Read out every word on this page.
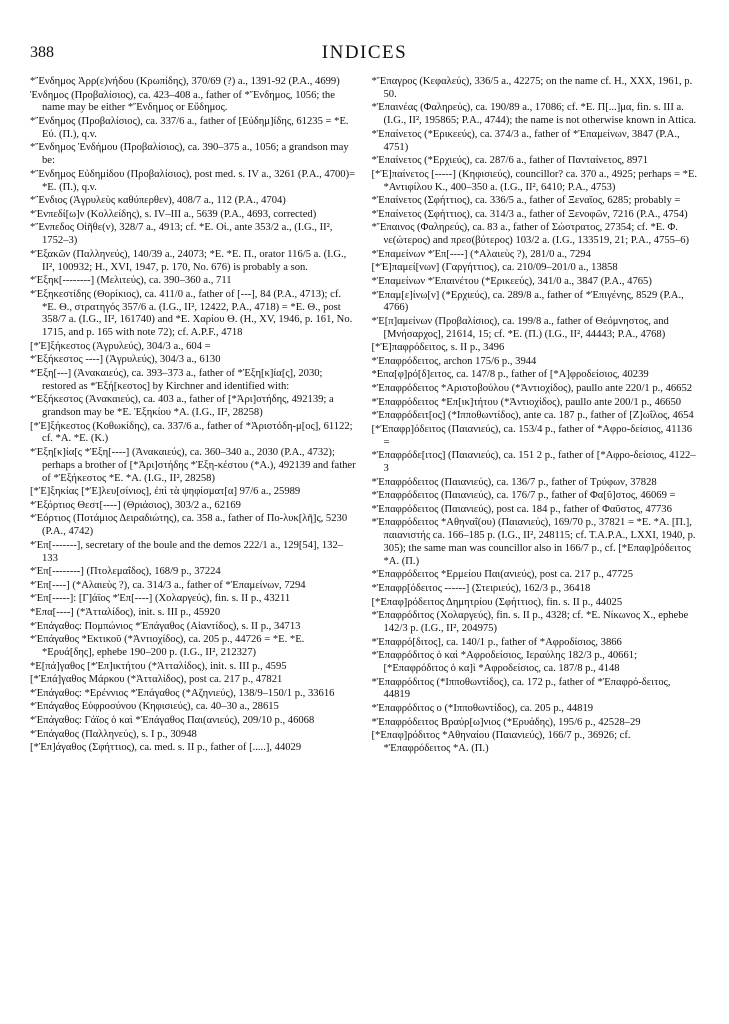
388	INDICES

*Ἔνδημος Ἀρρ(ε)νήδου (Κρωπίδης), 370/69 (?) a., 1391-92 (P.A., 4699)

Ἐνδημος (Προβαλίσιος), ca. 423–408 a., father of *Ἔνδημος, 1056; the name may be either *Ἔνδημος or Εὔδημος.

*Ἔνδημος (Προβαλίσιος), ca. 337/6 a., father of [Εὐδημ]ίδης, 61235 = *Ε. Εὐ. (Π.), q.v.

*Ἔνδημος Ἐνδήμου (Προβαλίσιος), ca. 390–375 a., 1056; a grandson may be:

*Ἔνδημος Εὐδημίδου (Προβαλίσιος), post med. s. IV a., 3261 (P.A., 4700)= *Ε. (Π.), q.v.

*Ἔνδιος (Ἀγρυλεὺς καθύπερθεν), 408/7 a., 112 (P.A., 4704)

*Ἐνπεδί[ω]ν (Κολλείδης), s. IV–III a., 5639 (P.A., 4693, corrected)

*Ἔνπεδος Οἰῆθε(ν), 328/7 a., 4913; cf. *Ε. Οἰ., ante 353/2 a., (I.G., II², 1752–3)

*Ἐξακῶν (Παλληνεύς), 140/39 a., 24073; *Ε. *Ε. Π., orator 116/5 a. (I.G., II², 100932; H., XVI, 1947, p. 170, No. 676) is probably a son.

*Ἐξηκ[--------] (Μελιτεύς), ca. 390–360 a., 711

*Ἐξηκεστίδης (Θορίκιος), ca. 411/0 a., father of [---], 84 (P.A., 4713); cf. *Ε. Θ., στρατηγός 357/6 a. (I.G., II², 12422, P.A., 4718) = *Ε. Θ., post 358/7 a. (I.G., II², 161740) and *Ε. Χαρίου Θ. (H., XV, 1946, p. 161, No. 1715, and p. 165 with note 72); cf. A.P.F., 4718

[*Ἐ]ξήκεστος (Ἀγρυλεύς), 304/3 a., 604 =

*Ἐξήκεστος ----] (Ἀγρυλεύς), 304/3 a., 6130

*Ἐξη[---] (Ἀνακαιεύς), ca. 393–373 a., father of *Ἐξη[κ]ία[ς], 2030; restored as *Ἐξή[κεστος] by Kirchner and identified with:

*Ἐξήκεστος (Ἀνακαιεύς), ca. 403 a., father of [*Ἀρι]στήδης, 492139; a grandson may be *Ε. Ἐξηκίου *Α. (I.G., II², 28258)

[*Ἐ]ξήκεστος (Κοθωκίδης), ca. 337/6 a., father of *Ἀριστόδη-μ[ος], 61122; cf. *Α. *Ε. (Κ.)

*Ἐξη[κ]ία[ς *Ἐξη[----] (Ἀνακαιεύς), ca. 360–340 a., 2030 (P.A., 4732); perhaps a brother of [*Ἀρι]στήδης *Ἐξη-κέστου (*Α.), 492139 and father of *Ἐξήκεστος *Ε. *Α. (I.G., II², 28258)

[*Ἐ]ξηκίας [*Ἐ]λευ[σίνιος], ἐπὶ τὰ ψηφίσματ[α] 97/6 a., 25989

*Ἐξόρτιος Θεστ[----] (Θριάσιος), 303/2 a., 62169

*Ἑόρτιος (Ποτάμιος Δειραδιώτης), ca. 358 a., father of Πο-λυκ[λῆ]ς, 5230 (P.A., 4742)

*Ἐπ[-------], secretary of the boule and the demos 222/1 a., 129[54], 132–133

*Ἐπ[--------] (Πτολεμαΐδος), 168/9 p., 37224

*Ἐπ[----] (*Αλαιεὺς ?), ca. 314/3 a., father of *Ἐπαμείνων, 7294

*Ἐπ[-----]: [Γ]άϊος *Ἐπ[----] (Χολαργεύς), fin. s. II p., 43211

*Επα[----] (*Ἀτταλίδος), init. s. III p., 45920

*Ἐπάγαθος: Πομπώνιος *Ἐπάγαθος (Αἰαντίδος), s. II p., 34713

*Ἐπάγαθος *Εκτικοῦ (*Ἀντιοχίδος), ca. 205 p., 44726 = *Ε. *Ε. *Ερυά[δης], ephebe 190–200 p. (I.G., II², 212327)

*Ε[πά]γαθος [*Ἐπ]ικτήτου (*Ἀτταλίδος), init. s. III p., 4595

[*Ἐπά]γαθος Μάρκου (*Ἀτταλίδος), post ca. 217 p., 47821

*Ἐπάγαθος: *Ερέννιος *Ἐπάγαθος (*Αζηνιεύς), 138/9–150/1 p., 33616

*Ἐπάγαθος Εὐφροσύνου (Κηφισιεύς), ca. 40–30 a., 28615

*Ἐπάγαθος: Γάϊος ὁ καὶ *Ἐπάγαθος Παι(ανιεύς), 209/10 p., 46068

*Ἐπάγαθος (Παλληνεύς), s. I p., 30948

[*Ἐπ]άγαθος (Σφήττιος), ca. med. s. II p., father of [.....], 44029

*Ἔπαγρος (Κεφαλεύς), 336/5 a., 42275; on the name cf. H., XXX, 1961, p. 50.

*Ἐπαινέας (Φαληρεύς), ca. 190/89 a., 17086; cf. *Ε. Π[...]μα, fin. s. III a. (I.G., II², 195865; P.A., 4744); the name is not otherwise known in Attica.

*Ἐπαίνετος (*Ερικεεύς), ca. 374/3 a., father of *Ἐπαμείνων, 3847 (P.A., 4751)

*Ἐπαίνετος (*Ερχιεύς), ca. 287/6 a., father of Πανταίνετος, 8971

[*Ἐ]παίνετος [-----] (Κηφισιεύς), councillor? ca. 370 a., 4925; perhaps = *Ε. *Αντιφίλου Κ., 400–350 a. (I.G., II², 6410; P.A., 4753)

*Ἐπαίνετος (Σφήττιος), ca. 336/5 a., father of Ξεναῖος, 6285; probably =

*Ἐπαίνετος (Σφήττιος), ca. 314/3 a., father of Ξενοφῶν, 7216 (P.A., 4754)

*Ἔπαινος (Φαληρεύς), ca. 83 a., father of Σώστρατος, 27354; cf. *Ε. Φ. νε(ώτερος) and πρεσ(βύτερος) 103/2 a. (I.G., 133519, 21; P.A., 4755–6)

*Ἐπαμείνων *Ἐπ[----] (*Αλαιεὺς ?), 281/0 a., 7294

[*Ἐ]παμεί[νων] (Γαργήττιος), ca. 210/09–201/0 a., 13858

*Ἐπαμείνων *Ἐπαινέτου (*Ερικεεύς), 341/0 a., 3847 (P.A., 4765)

*Ἐπαμ[ε]ίνω[ν] (*Ερχιεύς), ca. 289/8 a., father of *Ἐπιγένης, 8529 (P.A., 4766)

*Ἐ[π]αμείνων (Προβαλίσιος), ca. 199/8 a., father of Θεόμνηστος, and [Μνήσαρχος], 21614, 15; cf. *Ε. (Π.) (I.G., II², 44443; P.A., 4768)

[*Ἐ]παφρόδειτος, s. II p., 3496

*Ἐπαφρόδειτος, archon 175/6 p., 3944

*Επα[φ]ρό[δ]ειτος, ca. 147/8 p., father of [*Α]φροδείσιος, 40239

*Ἐπαφρόδειτος *Αριστοβούλου (*Ἀντιοχίδος), paullo ante 220/1 p., 46652

*Ἐπαφρόδειτος *Επ[ικ]τήτου (*Ἀντιοχίδος), paullo ante 200/1 p., 46650

*Ἐπαφρόδειτ[ος] (*Ιπποθωντίδος), ante ca. 187 p., father of [Ζ]ωΐλος, 4654

[*Ἐπαφρ]όδειτος (Παιανιεύς), ca. 153/4 p., father of *Αφρο-δείσιος, 41136 =

*Ἐπαφρόδε[ιτος] (Παιανιεύς), ca. 151 2 p., father of [*Αφρο-δείσιος, 4122–3

*Ἐπαφρόδειτος (Παιανιεύς), ca. 136/7 p., father of Τρύφων, 37828

*Ἐπαφρόδειτος (Παιανιεύς), ca. 176/7 p., father of Φα[ῦ]στος, 46069 =

*Ἐπαφρόδειτος (Παιανιεύς), post ca. 184 p., father of Φαῦστος, 47736

*Ἐπαφρόδειτος *Αθηναΐ(ου) (Παιανιεύς), 169/70 p., 37821 = *Ε. *Α. [Π.], παιανιστής ca. 166–185 p. (I.G., II², 248115; cf. T.A.P.A., LXXI, 1940, p. 305); the same man was councillor also in 166/7 p., cf. [*Επαφ]ρόδειτος *Α. (Π.)

*Ἐπαφρόδειτος *Ερμείου Παι(ανιεύς), post ca. 217 p., 47725

*Ἐπαφρ[όδειτος ------] (Στειριεύς), 162/3 p., 36418

[*Επαφ]ρόδειτος Δημητρίου (Σφήττιος), fin. s. II p., 44025

*Ἐπαφρόδιτος (Χολαργεύς), fin. s. II p., 4328; cf. *Ε. Νίκωνος Χ., ephebe 142/3 p. (I.G., II², 204975)

*Ἐπαφρό[διτος], ca. 140/1 p., father of *Αφροδίσιος, 3866

*Ἐπαφρόδιτος ὁ καὶ *Αφροδείσιος, Ιεραύλης 182/3 p., 40661; [*Επαφρόδιτος ὁ κα]ὶ *Αφροδείσιος, ca. 187/8 p., 4148

*Ἐπαφρόδιτος (*Ιπποθωντίδος), ca. 172 p., father of *Ἐπαφρό-δειτος, 44819

*Ἐπαφρόδιτος ο (*Ιπποθωντίδος), ca. 205 p., 44819

*Ἐπαφρόδειτος Βραύρ[ω]νιος (*Ερυάδης), 195/6 p., 42528–29

[*Επαφ]ρόδιτος *Αθηναίου (Παιανιεύς), 166/7 p., 36926; cf. *Ἐπαφρόδειτος *Α. (Π.)
